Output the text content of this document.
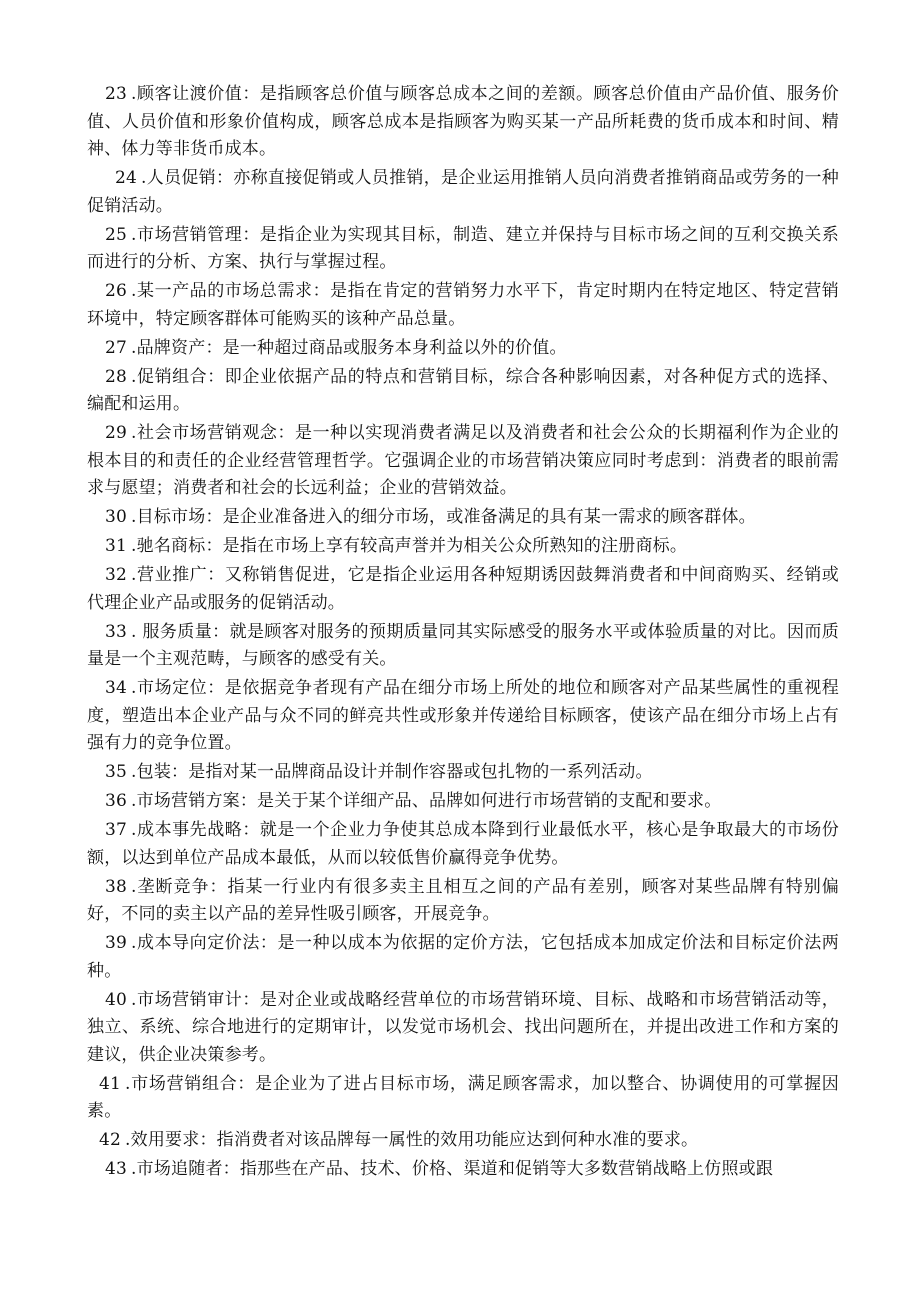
23 .顾客让渡价值：是指顾客总价值与顾客总成本之间的差额。顾客总价值由产品价值、服务价值、人员价值和形象价值构成，顾客总成本是指顾客为购买某一产品所耗费的货币成本和时间、精神、体力等非货币成本。

24 .人员促销：亦称直接促销或人员推销，是企业运用推销人员向消费者推销商品或劳务的一种促销活动。

25 .市场营销管理：是指企业为实现其目标，制造、建立并保持与目标市场之间的互利交换关系而进行的分析、方案、执行与掌握过程。

26 .某一产品的市场总需求：是指在肯定的营销努力水平下，肯定时期内在特定地区、特定营销环境中，特定顾客群体可能购买的该种产品总量。

27 .品牌资产：是一种超过商品或服务本身利益以外的价值。

28 .促销组合：即企业依据产品的特点和营销目标，综合各种影响因素，对各种促方式的选择、编配和运用。

29 .社会市场营销观念：是一种以实现消费者满足以及消费者和社会公众的长期福利作为企业的根本目的和责任的企业经营管理哲学。它强调企业的市场营销决策应同时考虑到：消费者的眼前需求与愿望；消费者和社会的长远利益；企业的营销效益。

30 .目标市场：是企业准备进入的细分市场，或准备满足的具有某一需求的顾客群体。

31 .驰名商标：是指在市场上享有较高声誉并为相关公众所熟知的注册商标。

32 .营业推广：又称销售促进，它是指企业运用各种短期诱因鼓舞消费者和中间商购买、经销或代理企业产品或服务的促销活动。

33 . 服务质量：就是顾客对服务的预期质量同其实际感受的服务水平或体验质量的对比。因而质量是一个主观范畴，与顾客的感受有关。

34 .市场定位：是依据竞争者现有产品在细分市场上所处的地位和顾客对产品某些属性的重视程度，塑造出本企业产品与众不同的鲜亮共性或形象并传递给目标顾客，使该产品在细分市场上占有强有力的竞争位置。

35 .包装：是指对某一品牌商品设计并制作容器或包扎物的一系列活动。

36 .市场营销方案：是关于某个详细产品、品牌如何进行市场营销的支配和要求。

37 .成本事先战略：就是一个企业力争使其总成本降到行业最低水平，核心是争取最大的市场份额，以达到单位产品成本最低，从而以较低售价赢得竞争优势。

38 .垄断竞争：指某一行业内有很多卖主且相互之间的产品有差别，顾客对某些品牌有特别偏好，不同的卖主以产品的差异性吸引顾客，开展竞争。

39 .成本导向定价法：是一种以成本为依据的定价方法，它包括成本加成定价法和目标定价法两种。

40 .市场营销审计：是对企业或战略经营单位的市场营销环境、目标、战略和市场营销活动等，独立、系统、综合地进行的定期审计，以发觉市场机会、找出问题所在，并提出改进工作和方案的建议，供企业决策参考。

41 .市场营销组合：是企业为了进占目标市场，满足顾客需求，加以整合、协调使用的可掌握因素。

42 .效用要求：指消费者对该品牌每一属性的效用功能应达到何种水准的要求。

43 .市场追随者：指那些在产品、技术、价格、渠道和促销等大多数营销战略上仿照或跟
